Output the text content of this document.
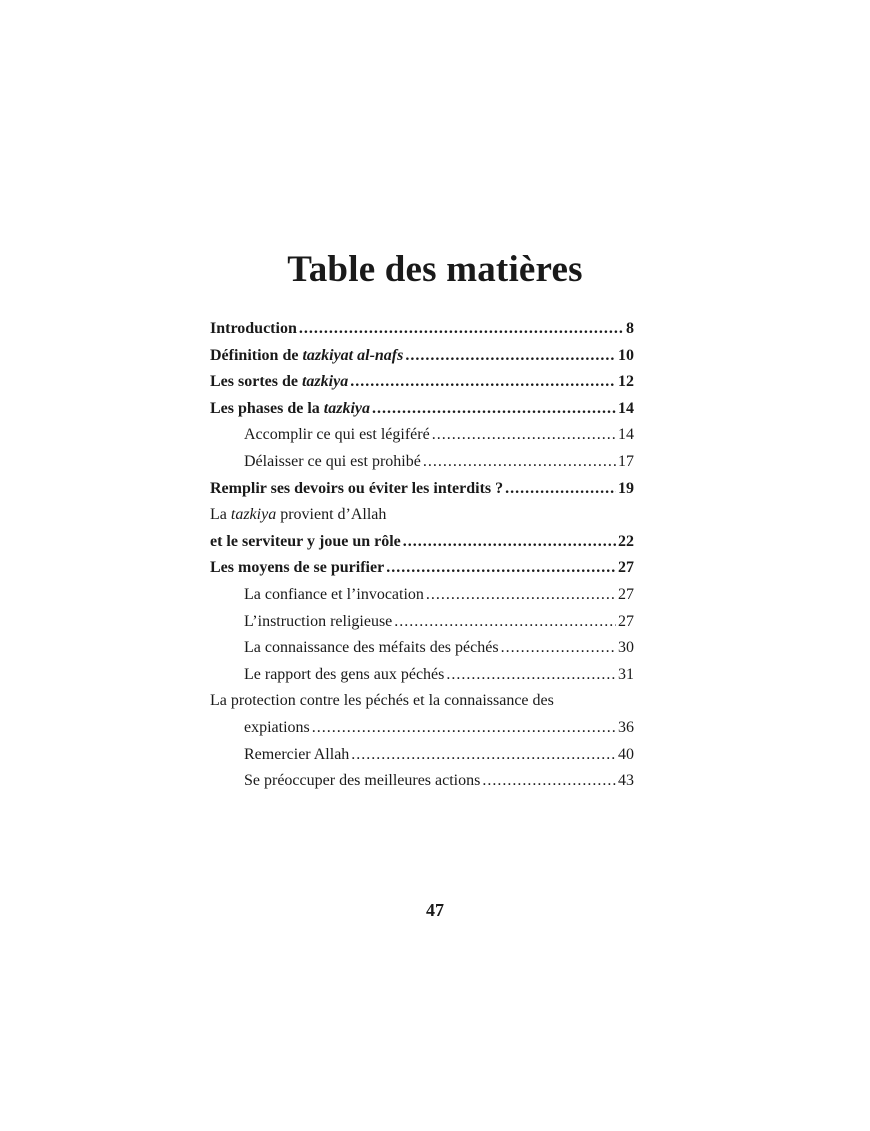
Table des matières
Introduction .....	8
Définition de tazkiyat al-nafs .....	10
Les sortes de tazkiya .....	12
Les phases de la tazkiya .....	14
Accomplir ce qui est légiféré .....	14
Délaisser ce qui est prohibé .....	17
Remplir ses devoirs ou éviter les interdits ? .....	19
La tazkiya provient d’Allah
et le serviteur y joue un rôle .....	22
Les moyens de se purifier .....	27
La confiance et l’invocation .....	27
L’instruction religieuse .....	27
La connaissance des méfaits des péchés .....	30
Le rapport des gens aux péchés .....	31
La protection contre les péchés et la connaissance des
expiations .....	36
Remercier Allah .....	40
Se préoccuper des meilleures actions .....	43
47
